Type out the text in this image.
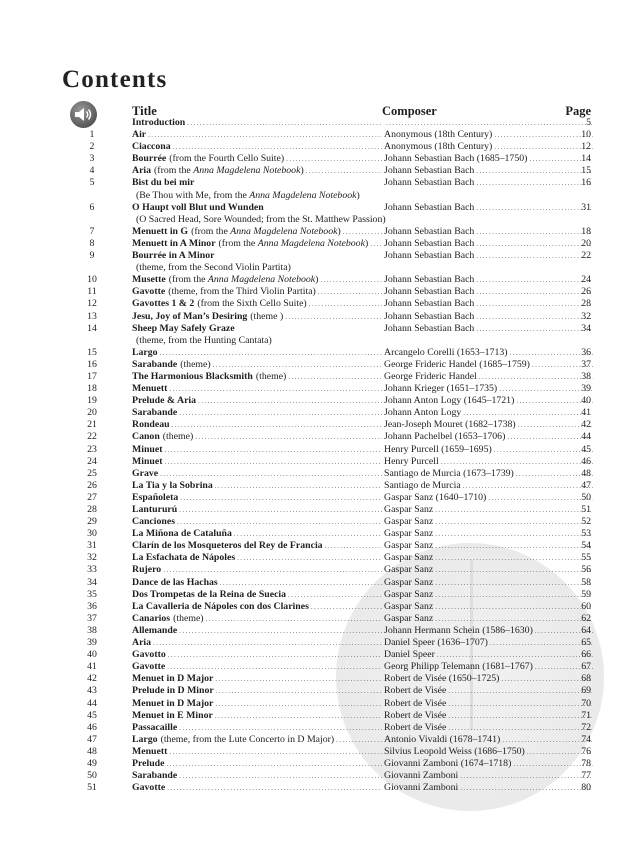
Contents
Title	Composer	Page
Introduction ..... .....	5
1	Air .....	Anonymous (18th Century) .....	10
2	Ciaccona .....	Anonymous (18th Century) .....	12
3	Bourrée (from the Fourth Cello Suite) .....	Johann Sebastian Bach (1685–1750) .....	14
4	Aria (from the Anna Magdelena Notebook) .....	Johann Sebastian Bach .....	15
5	Bist du bei mir	Johann Sebastian Bach .....	16
(Be Thou with Me, from the Anna Magdelena Notebook)
6	O Haupt voll Blut und Wunden	Johann Sebastian Bach .....	31
(O Sacred Head, Sore Wounded; from the St. Matthew Passion)
7	Menuett in G (from the Anna Magdelena Notebook) .....	Johann Sebastian Bach .....	18
8	Menuett in A Minor (from the Anna Magdelena Notebook) ..... Johann Sebastian Bach .....	20
9	Bourrée in A Minor	Johann Sebastian Bach .....	22
(theme, from the Second Violin Partita)
10	Musette (from the Anna Magdelena Notebook) .....	Johann Sebastian Bach .....	24
11	Gavotte (theme, from the Third Violin Partita) .....	Johann Sebastian Bach .....	26
12	Gavottes 1 & 2 (from the Sixth Cello Suite) .....	Johann Sebastian Bach .....	28
13	Jesu, Joy of Man’s Desiring (theme ) .....	Johann Sebastian Bach .....	32
14	Sheep May Safely Graze	Johann Sebastian Bach .....	34
(theme, from the Hunting Cantata)
15	Largo .....	Arcangelo Corelli (1653–1713) .....	36
16	Sarabande (theme) .....	George Frideric Handel (1685–1759) .....	37
17	The Harmonious Blacksmith (theme) .....	George Frideric Handel .....	38
18	Menuett .....	Johann Krieger (1651–1735) .....	39
19	Prelude & Aria .....	Johann Anton Logy (1645–1721) .....	40
20	Sarabande .....	Johann Anton Logy .....	41
21	Rondeau .....	Jean-Joseph Mouret (1682–1738) .....	42
22	Canon (theme) .....	Johann Pachelbel (1653–1706) .....	44
23	Minuet .....	Henry Purcell (1659–1695) .....	45
24	Minuet .....	Henry Purcell .....	46
25	Grave .....	Santiago de Murcia (1673–1739) .....	48
26	La Tia y la Sobrina .....	Santiago de Murcia .....	47
27	Españoleta .....	Gaspar Sanz (1640–1710) .....	50
28	Lantururú .....	Gaspar Sanz .....	51
29	Canciones .....	Gaspar Sanz .....	52
30	La Miñona de Cataluña .....	Gaspar Sanz .....	53
31	Clarín de los Mosqueteros del Rey de Francia .....	Gaspar Sanz .....	54
32	La Esfachata de Nápoles .....	Gaspar Sanz .....	55
33	Rujero .....	Gaspar Sanz .....	56
34	Dance de las Hachas .....	Gaspar Sanz .....	58
35	Dos Trompetas de la Reina de Suecia .....	Gaspar Sanz .....	59
36	La Cavalleria de Nápoles con dos Clarines .....	Gaspar Sanz .....	60
37	Canarios (theme) .....	Gaspar Sanz .....	62
38	Allemande .....	Johann Hermann Schein (1586–1630) .....	64
39	Aria .....	Daniel Speer (1636–1707) .....	65
40	Gavotto .....	Daniel Speer .....	66
41	Gavotte .....	Georg Philipp Telemann (1681–1767) .....	67
42	Menuet in D Major .....	Robert de Visée (1650–1725) .....	68
43	Prelude in D Minor .....	Robert de Visée .....	69
44	Menuet in D Major .....	Robert de Visée .....	70
45	Menuet in E Minor .....	Robert de Visée .....	71
46	Passacaille .....	Robert de Visée .....	72
47	Largo (theme, from the Lute Concerto in D Major) .....	Antonio Vivaldi (1678–1741) .....	74
48	Menuett .....	Silvius Leopold Weiss (1686–1750) .....	76
49	Prelude .....	Giovanni Zamboni (1674–1718) .....	78
50	Sarabande .....	Giovanni Zamboni .....	77
51	Gavotte .....	Giovanni Zamboni .....	80
